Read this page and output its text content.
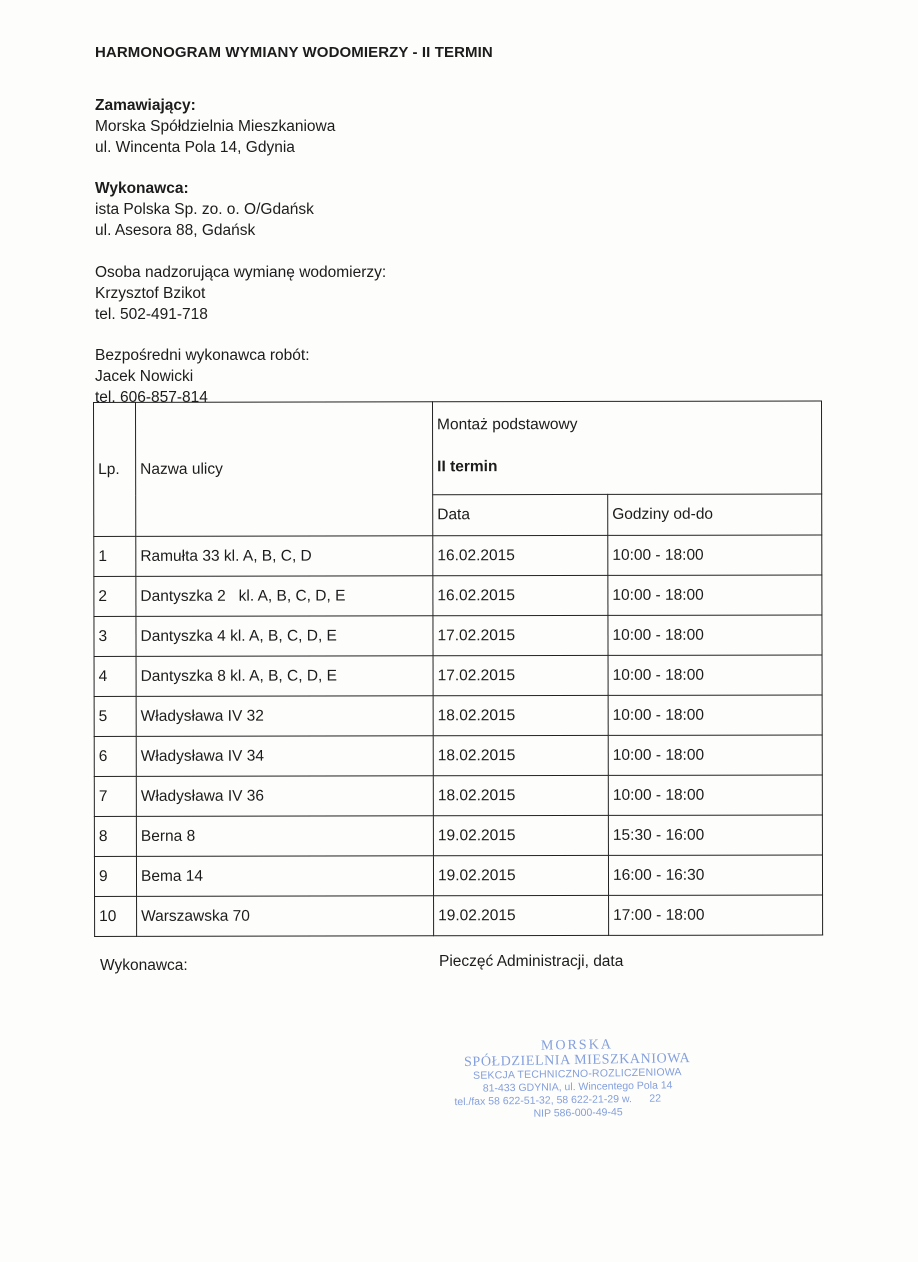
HARMONOGRAM WYMIANY WODOMIERZY - II TERMIN
Zamawiający:
Morska Spółdzielnia Mieszkaniowa
ul. Wincenta Pola 14, Gdynia
Wykonawca:
ista Polska Sp. zo. o. O/Gdańsk
ul. Asesora 88, Gdańsk
Osoba nadzorująca wymianę wodomierzy:
Krzysztof Bzikot
tel. 502-491-718
Bezpośredni wykonawca robót:
Jacek Nowicki
tel. 606-857-814
Lp.	Nazwa ulicy	Montaż podstawowy
II termin	

		Data	Godziny od-do
1	Ramułta 33 kl. A, B, C, D	16.02.2015	10:00 - 18:00
2	Dantyszka 2   kl. A, B, C, D, E	16.02.2015	10:00 - 18:00
3	Dantyszka 4 kl. A, B, C, D, E	17.02.2015	10:00 - 18:00
4	Dantyszka 8 kl. A, B, C, D, E	17.02.2015	10:00 - 18:00
5	Władysława IV 32	18.02.2015	10:00 - 18:00
6	Władysława IV 34	18.02.2015	10:00 - 18:00
7	Władysława IV 36	18.02.2015	10:00 - 18:00
8	Berna 8	19.02.2015	15:30 - 16:00
9	Bema 14	19.02.2015	16:00 - 16:30
10	Warszawska 70	19.02.2015	17:00 - 18:00
Wykonawca:	Pieczęć Administracji, data
MORSKA
SPÓŁDZIELNIA MIESZKANIOWA
SEKCJA TECHNICZNO-ROZLICZENIOWA
81-433 GDYNIA, ul. Wincentego Pola 14
tel./fax 58 622-51-32, 58 622-21-29 w.      22
NIP 586-000-49-45
